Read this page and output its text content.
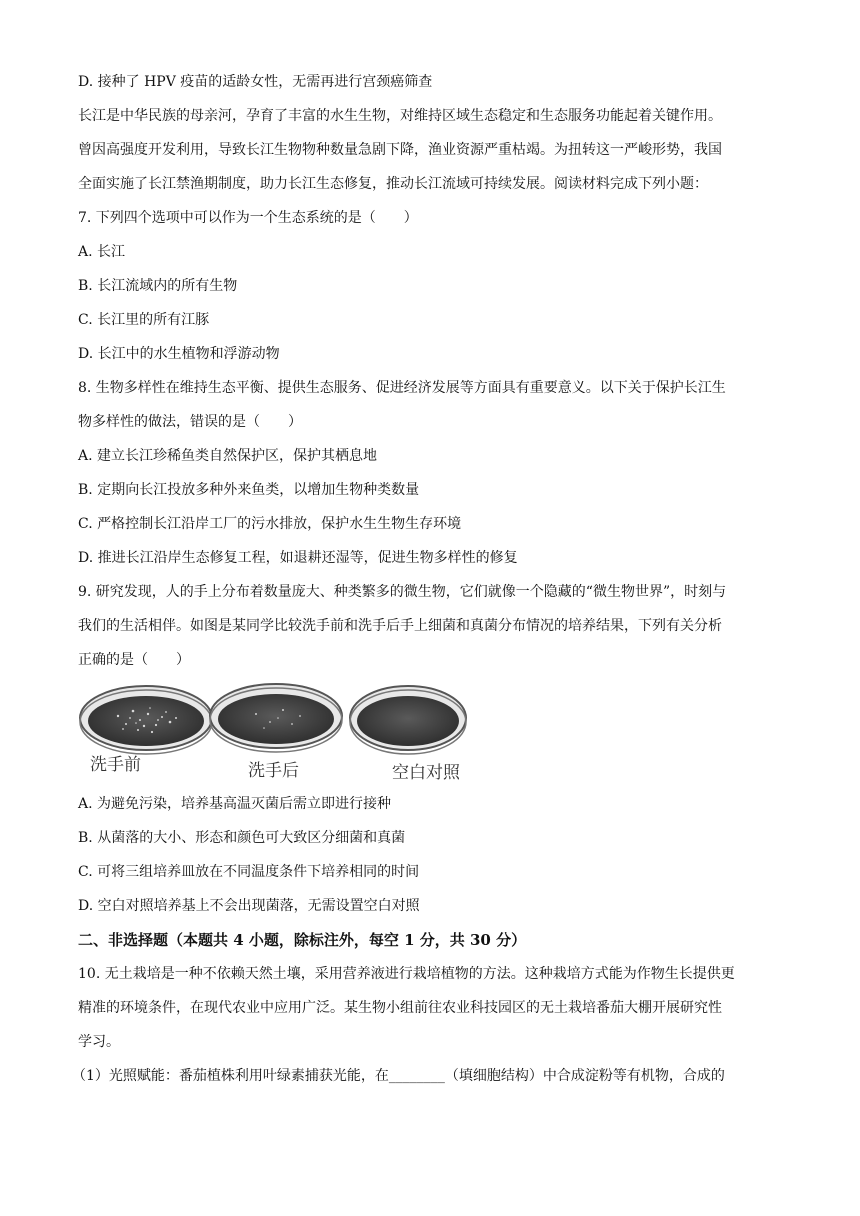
D. 接种了 HPV 疫苗的适龄女性，无需再进行宫颈癌筛查
长江是中华民族的母亲河，孕育了丰富的水生生物，对维持区域生态稳定和生态服务功能起着关键作用。
曾因高强度开发利用，导致长江生物物种数量急剧下降，渔业资源严重枯竭。为扭转这一严峻形势，我国
全面实施了长江禁渔期制度，助力长江生态修复，推动长江流域可持续发展。阅读材料完成下列小题：
7. 下列四个选项中可以作为一个生态系统的是（　　）
A. 长江
B. 长江流域内的所有生物
C. 长江里的所有江豚
D. 长江中的水生植物和浮游动物
8. 生物多样性在维持生态平衡、提供生态服务、促进经济发展等方面具有重要意义。以下关于保护长江生
物多样性的做法，错误的是（　　）
A. 建立长江珍稀鱼类自然保护区，保护其栖息地
B. 定期向长江投放多种外来鱼类，以增加生物种类数量
C. 严格控制长江沿岸工厂的污水排放，保护水生生物生存环境
D. 推进长江沿岸生态修复工程，如退耕还湿等，促进生物多样性的修复
9. 研究发现，人的手上分布着数量庞大、种类繁多的微生物，它们就像一个隐藏的“微生物世界”，时刻与
我们的生活相伴。如图是某同学比较洗手前和洗手后手上细菌和真菌分布情况的培养结果，下列有关分析
正确的是（　　）
洗手前	洗手后	空白对照
A. 为避免污染，培养基高温灭菌后需立即进行接种
B. 从菌落的大小、形态和颜色可大致区分细菌和真菌
C. 可将三组培养皿放在不同温度条件下培养相同的时间
D. 空白对照培养基上不会出现菌落，无需设置空白对照
二、非选择题（本题共 4 小题，除标注外，每空 1 分，共 30 分）
10. 无土栽培是一种不依赖天然土壤，采用营养液进行栽培植物的方法。这种栽培方式能为作物生长提供更
精准的环境条件，在现代农业中应用广泛。某生物小组前往农业科技园区的无土栽培番茄大棚开展研究性
学习。
（1）光照赋能：番茄植株利用叶绿素捕获光能，在________（填细胞结构）中合成淀粉等有机物，合成的
